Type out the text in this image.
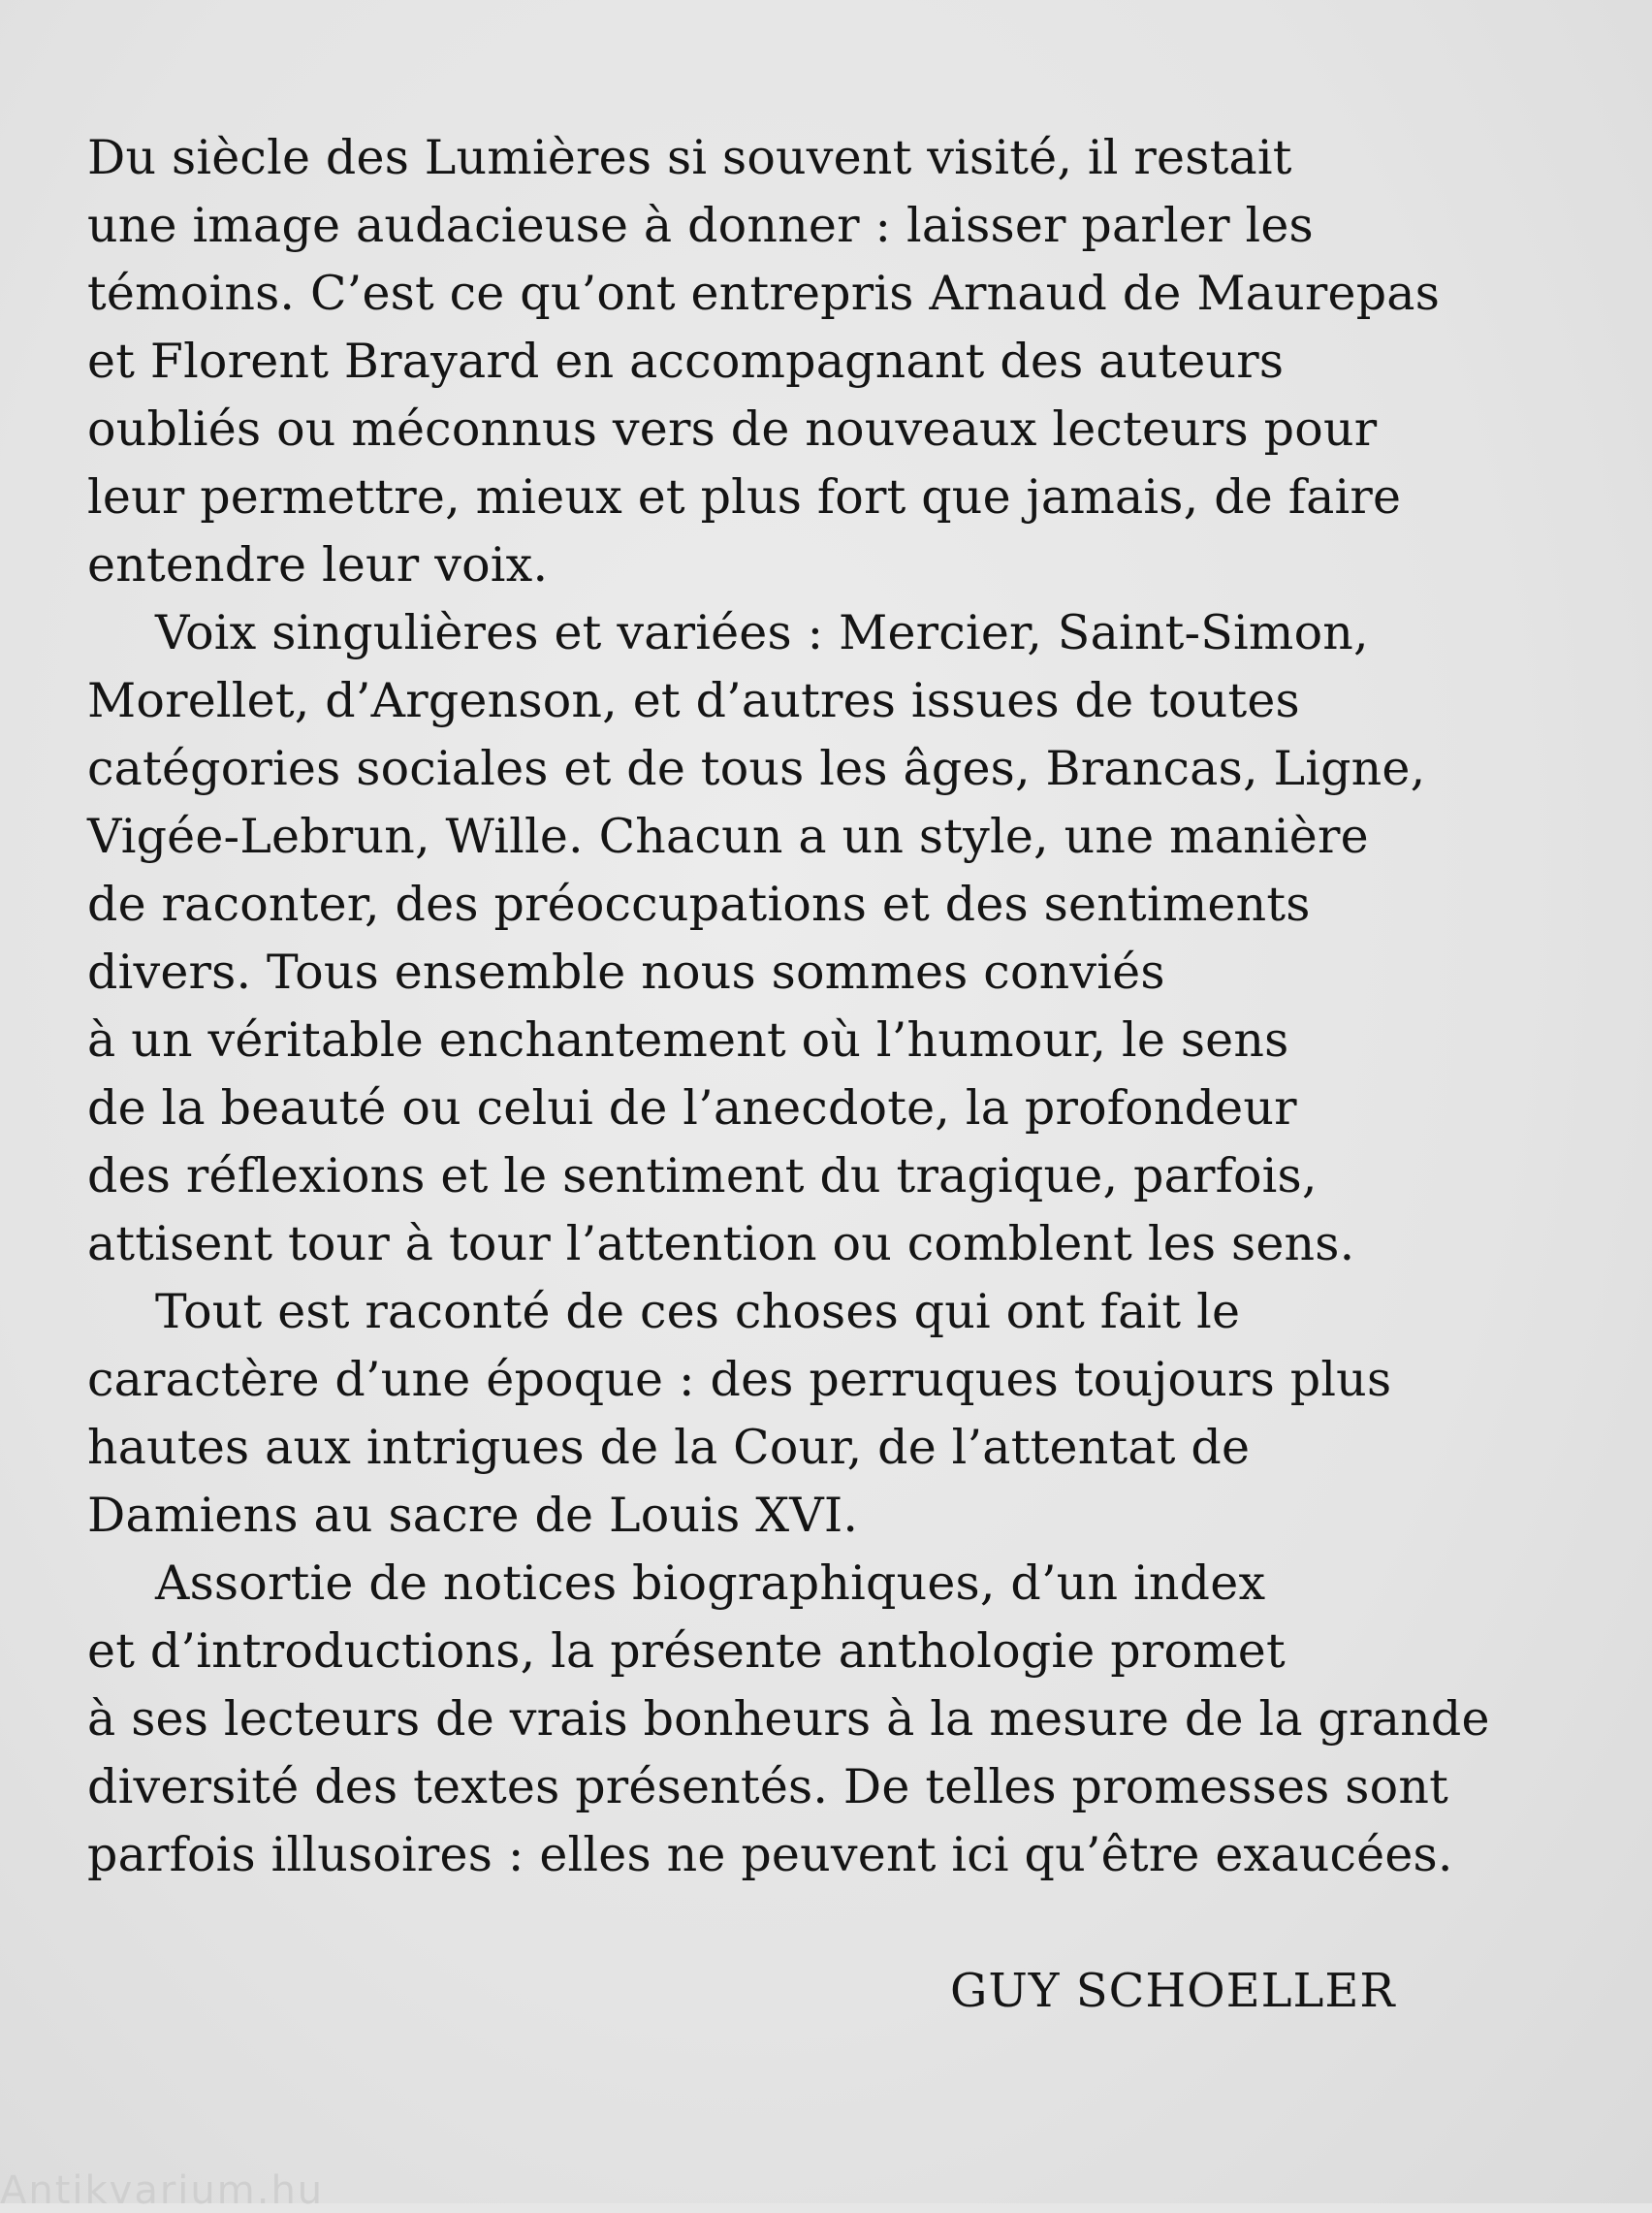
Du siècle des Lumières si souvent visité, il restait
une image audacieuse à donner : laisser parler les
témoins. C’est ce qu’ont entrepris Arnaud de Maurepas
et Florent Brayard en accompagnant des auteurs
oubliés ou méconnus vers de nouveaux lecteurs pour
leur permettre, mieux et plus fort que jamais, de faire
entendre leur voix.
Voix singulières et variées : Mercier, Saint-Simon,
Morellet, d’Argenson, et d’autres issues de toutes
catégories sociales et de tous les âges, Brancas, Ligne,
Vigée-Lebrun, Wille. Chacun a un style, une manière
de raconter, des préoccupations et des sentiments
divers. Tous ensemble nous sommes conviés
à un véritable enchantement où l’humour, le sens
de la beauté ou celui de l’anecdote, la profondeur
des réflexions et le sentiment du tragique, parfois,
attisent tour à tour l’attention ou comblent les sens.
Tout est raconté de ces choses qui ont fait le
caractère d’une époque : des perruques toujours plus
hautes aux intrigues de la Cour, de l’attentat de
Damiens au sacre de Louis XVI.
Assortie de notices biographiques, d’un index
et d’introductions, la présente anthologie promet
à ses lecteurs de vrais bonheurs à la mesure de la grande
diversité des textes présentés. De telles promesses sont
parfois illusoires : elles ne peuvent ici qu’être exaucées.
GUY SCHOELLER
Antikvarium.hu
